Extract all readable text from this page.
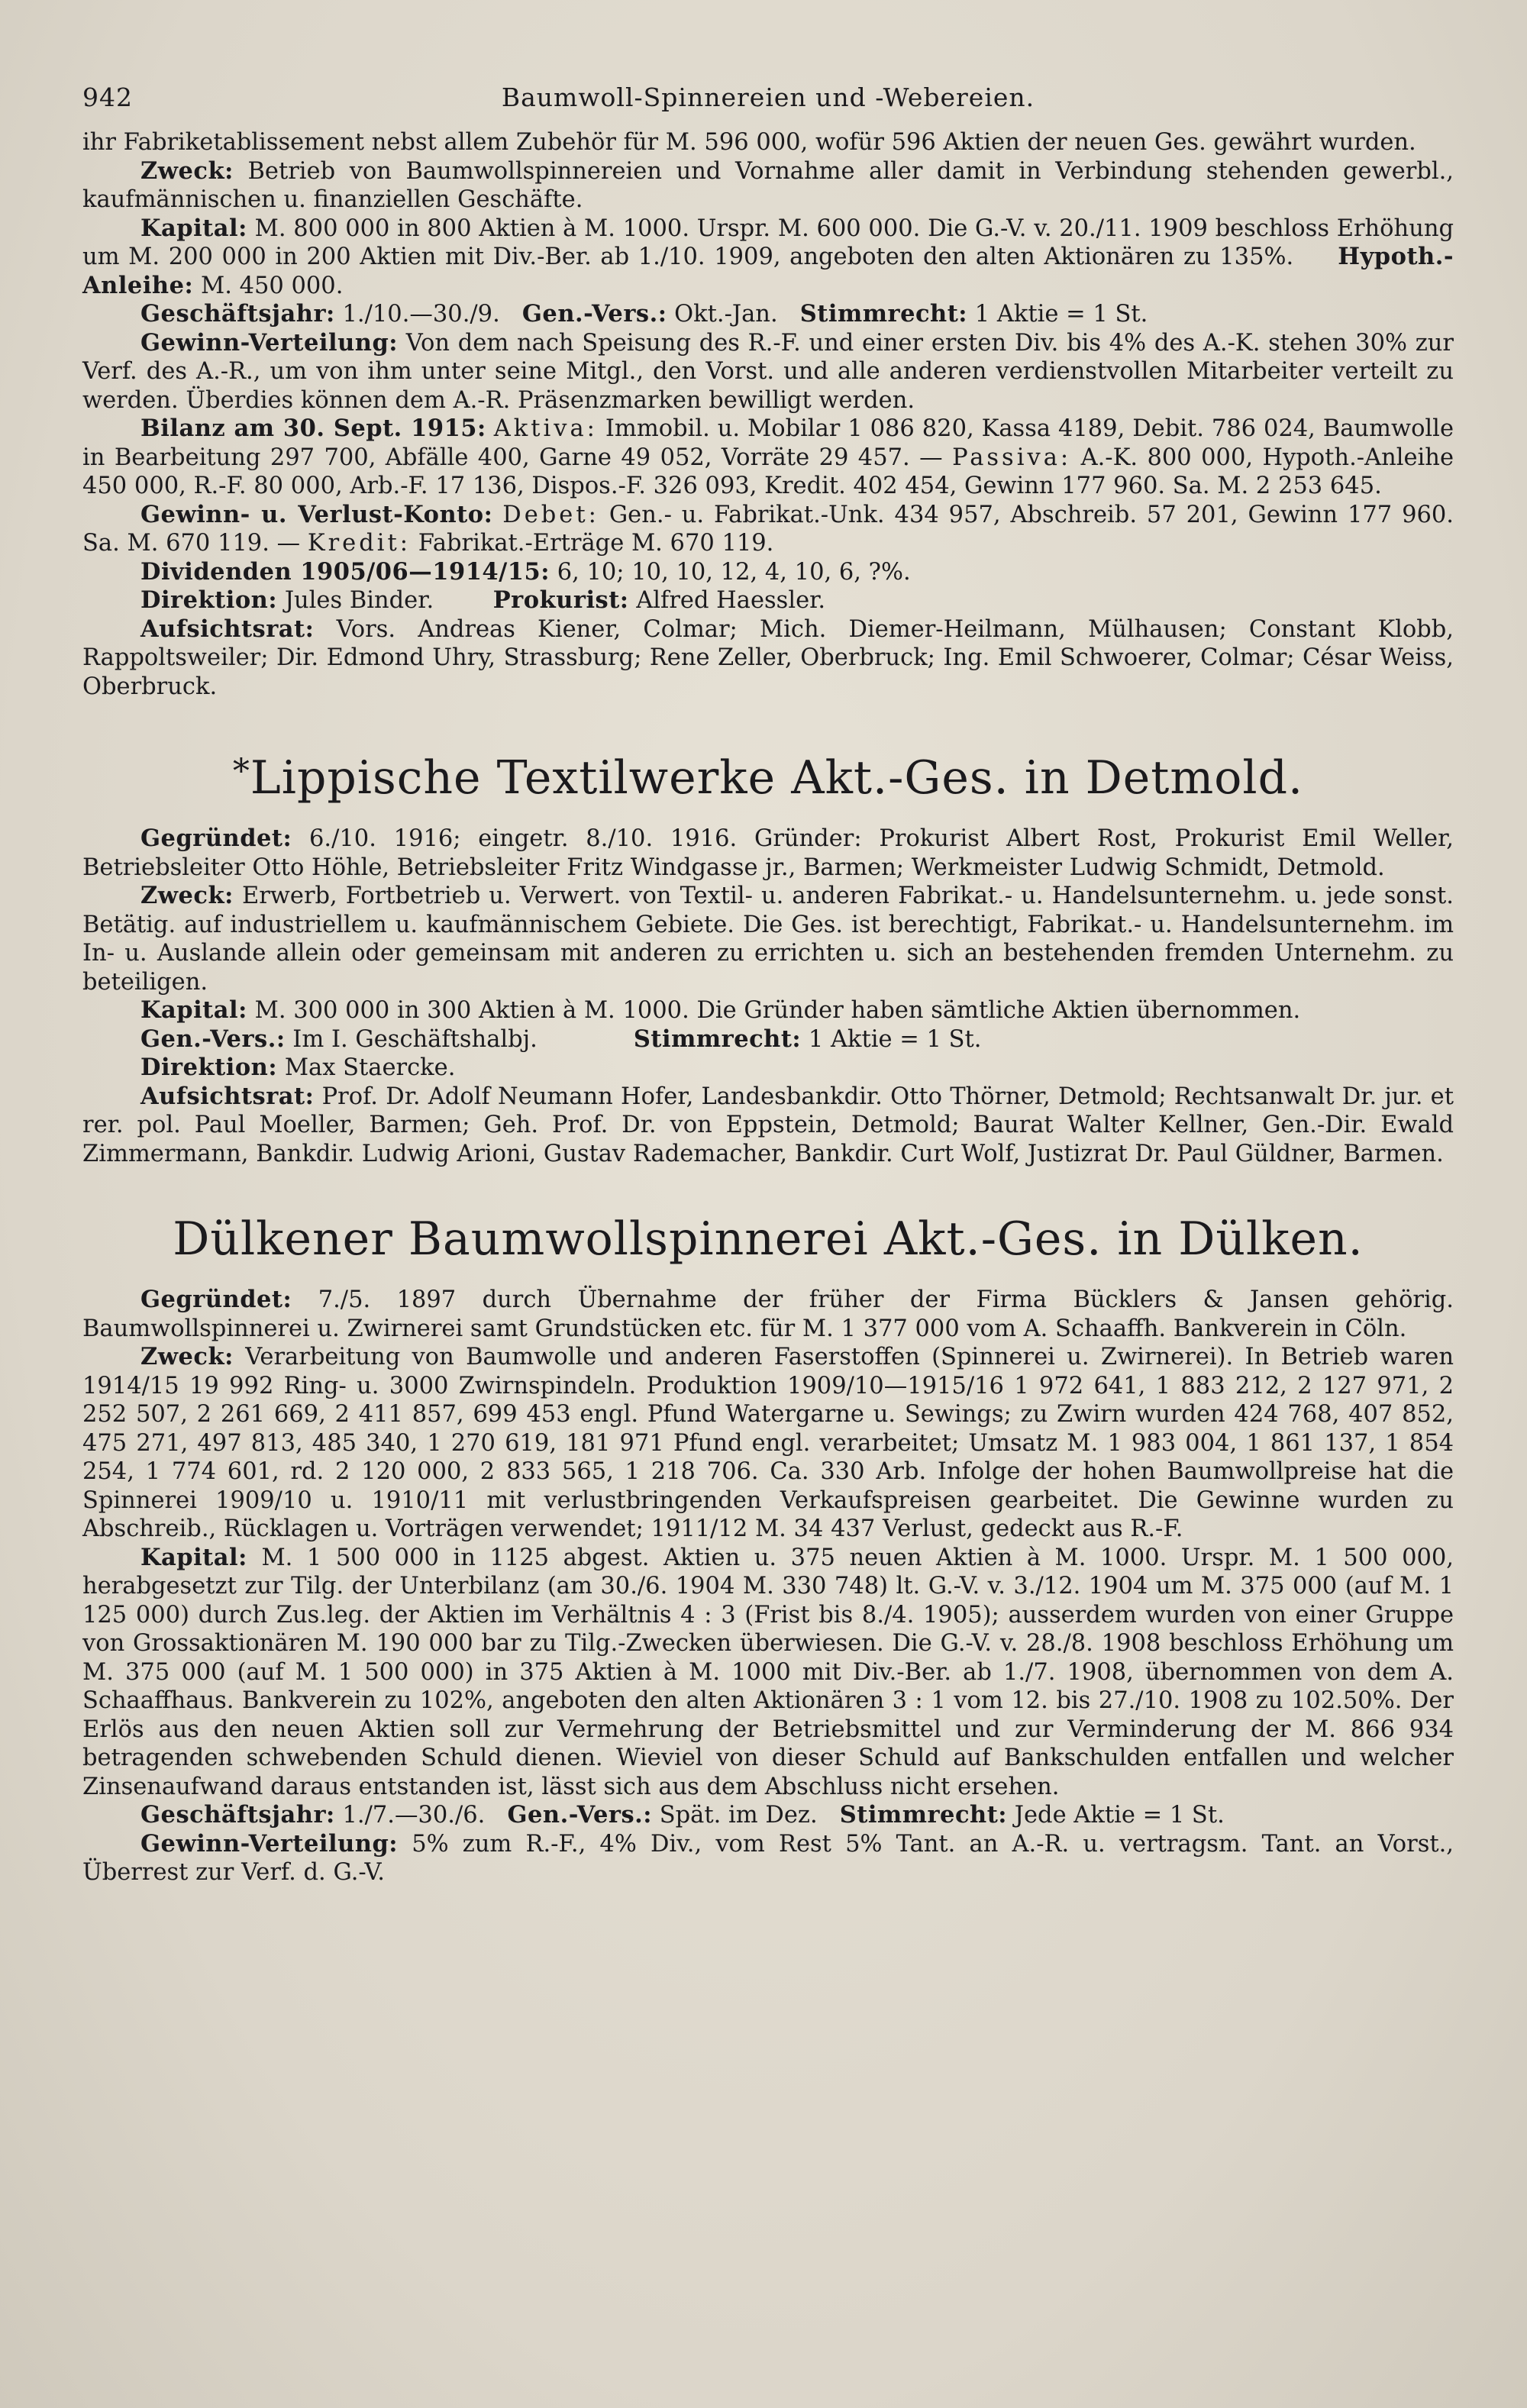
942	Baumwoll-Spinnereien und -Webereien.

ihr Fabriketablissement nebst allem Zubehör für M. 596 000, wofür 596 Aktien der neuen Ges. gewährt wurden.

Zweck: Betrieb von Baumwollspinnereien und Vornahme aller damit in Verbindung stehenden gewerbl., kaufmännischen u. finanziellen Geschäfte.

Kapital: M. 800 000 in 800 Aktien à M. 1000. Urspr. M. 600 000. Die G.-V. v. 20./11. 1909 beschloss Erhöhung um M. 200 000 in 200 Aktien mit Div.-Ber. ab 1./10. 1909, angeboten den alten Aktionären zu 135%. Hypoth.-Anleihe: M. 450 000.

Geschäftsjahr: 1./10.—30./9. Gen.-Vers.: Okt.-Jan. Stimmrecht: 1 Aktie = 1 St.

Gewinn-Verteilung: Von dem nach Speisung des R.-F. und einer ersten Div. bis 4% des A.-K. stehen 30% zur Verf. des A.-R., um von ihm unter seine Mitgl., den Vorst. und alle anderen verdienstvollen Mitarbeiter verteilt zu werden. Überdies können dem A.-R. Präsenzmarken bewilligt werden.

Bilanz am 30. Sept. 1915: Aktiva: Immobil. u. Mobilar 1 086 820, Kassa 4189, Debit. 786 024, Baumwolle in Bearbeitung 297 700, Abfälle 400, Garne 49 052, Vorräte 29 457. — Passiva: A.-K. 800 000, Hypoth.-Anleihe 450 000, R.-F. 80 000, Arb.-F. 17 136, Dispos.-F. 326 093, Kredit. 402 454, Gewinn 177 960. Sa. M. 2 253 645.

Gewinn- u. Verlust-Konto: Debet: Gen.- u. Fabrikat.-Unk. 434 957, Abschreib. 57 201, Gewinn 177 960. Sa. M. 670 119. — Kredit: Fabrikat.-Erträge M. 670 119.

Dividenden 1905/06—1914/15: 6, 10; 10, 10, 12, 4, 10, 6, ?%.

Direktion: Jules Binder.	Prokurist: Alfred Haessler.

Aufsichtsrat: Vors. Andreas Kiener, Colmar; Mich. Diemer-Heilmann, Mülhausen; Constant Klobb, Rappoltsweiler; Dir. Edmond Uhry, Strassburg; Rene Zeller, Oberbruck; Ing. Emil Schwoerer, Colmar; César Weiss, Oberbruck.

*Lippische Textilwerke Akt.-Ges. in Detmold.

Gegründet: 6./10. 1916; eingetr. 8./10. 1916. Gründer: Prokurist Albert Rost, Prokurist Emil Weller, Betriebsleiter Otto Höhle, Betriebsleiter Fritz Windgasse jr., Barmen; Werkmeister Ludwig Schmidt, Detmold.

Zweck: Erwerb, Fortbetrieb u. Verwert. von Textil- u. anderen Fabrikat.- u. Handelsunternehm. u. jede sonst. Betätig. auf industriellem u. kaufmännischem Gebiete. Die Ges. ist berechtigt, Fabrikat.- u. Handelsunternehm. im In- u. Auslande allein oder gemeinsam mit anderen zu errichten u. sich an bestehenden fremden Unternehm. zu beteiligen.

Kapital: M. 300 000 in 300 Aktien à M. 1000. Die Gründer haben sämtliche Aktien übernommen.

Gen.-Vers.: Im I. Geschäftshalbj.	Stimmrecht: 1 Aktie = 1 St.

Direktion: Max Staercke.

Aufsichtsrat: Prof. Dr. Adolf Neumann Hofer, Landesbankdir. Otto Thörner, Detmold; Rechtsanwalt Dr. jur. et rer. pol. Paul Moeller, Barmen; Geh. Prof. Dr. von Eppstein, Detmold; Baurat Walter Kellner, Gen.-Dir. Ewald Zimmermann, Bankdir. Ludwig Arioni, Gustav Rademacher, Bankdir. Curt Wolf, Justizrat Dr. Paul Güldner, Barmen.

Dülkener Baumwollspinnerei Akt.-Ges. in Dülken.

Gegründet: 7./5. 1897 durch Übernahme der früher der Firma Bücklers & Jansen gehörig. Baumwollspinnerei u. Zwirnerei samt Grundstücken etc. für M. 1 377 000 vom A. Schaaffh. Bankverein in Cöln.

Zweck: Verarbeitung von Baumwolle und anderen Faserstoffen (Spinnerei u. Zwirnerei). In Betrieb waren 1914/15 19 992 Ring- u. 3000 Zwirnspindeln. Produktion 1909/10—1915/16 1 972 641, 1 883 212, 2 127 971, 2 252 507, 2 261 669, 2 411 857, 699 453 engl. Pfund Watergarne u. Sewings; zu Zwirn wurden 424 768, 407 852, 475 271, 497 813, 485 340, 1 270 619, 181 971 Pfund engl. verarbeitet; Umsatz M. 1 983 004, 1 861 137, 1 854 254, 1 774 601, rd. 2 120 000, 2 833 565, 1 218 706. Ca. 330 Arb. Infolge der hohen Baumwollpreise hat die Spinnerei 1909/10 u. 1910/11 mit verlustbringenden Verkaufspreisen gearbeitet. Die Gewinne wurden zu Abschreib., Rücklagen u. Vorträgen verwendet; 1911/12 M. 34 437 Verlust, gedeckt aus R.-F.

Kapital: M. 1 500 000 in 1125 abgest. Aktien u. 375 neuen Aktien à M. 1000. Urspr. M. 1 500 000, herabgesetzt zur Tilg. der Unterbilanz (am 30./6. 1904 M. 330 748) lt. G.-V. v. 3./12. 1904 um M. 375 000 (auf M. 1 125 000) durch Zus.leg. der Aktien im Verhältnis 4 : 3 (Frist bis 8./4. 1905); ausserdem wurden von einer Gruppe von Grossaktionären M. 190 000 bar zu Tilg.-Zwecken überwiesen. Die G.-V. v. 28./8. 1908 beschloss Erhöhung um M. 375 000 (auf M. 1 500 000) in 375 Aktien à M. 1000 mit Div.-Ber. ab 1./7. 1908, übernommen von dem A. Schaaffhaus. Bankverein zu 102%, angeboten den alten Aktionären 3 : 1 vom 12. bis 27./10. 1908 zu 102.50%. Der Erlös aus den neuen Aktien soll zur Vermehrung der Betriebsmittel und zur Verminderung der M. 866 934 betragenden schwebenden Schuld dienen. Wieviel von dieser Schuld auf Bankschulden entfallen und welcher Zinsenaufwand daraus entstanden ist, lässt sich aus dem Abschluss nicht ersehen.

Geschäftsjahr: 1./7.—30./6. Gen.-Vers.: Spät. im Dez. Stimmrecht: Jede Aktie = 1 St.

Gewinn-Verteilung: 5% zum R.-F., 4% Div., vom Rest 5% Tant. an A.-R. u. vertragsm. Tant. an Vorst., Überrest zur Verf. d. G.-V.
